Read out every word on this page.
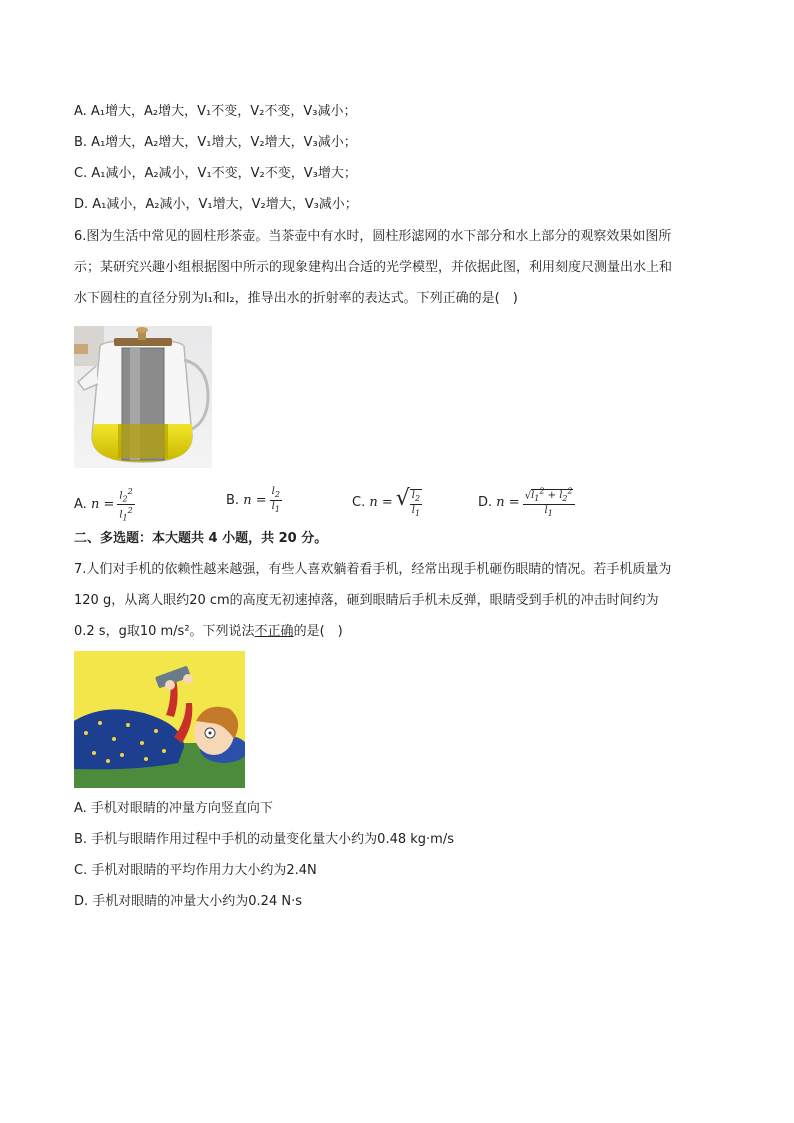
A. A₁增大，A₂增大，V₁不变，V₂不变，V₃减小；
B. A₁增大，A₂增大，V₁增大，V₂增大，V₃减小；
C. A₁减小，A₂减小，V₁不变，V₂不变，V₃增大；
D. A₁减小，A₂减小，V₁增大，V₂增大，V₃减小；
6.图为生活中常见的圆柱形茶壶。当茶壶中有水时，圆柱形滤网的水下部分和水上部分的观察效果如图所
示；某研究兴趣小组根据图中所示的现象建构出合适的光学模型，并依据此图，利用刻度尺测量出水上和
水下圆柱的直径分别为l₁和l₂，推导出水的折射率的表达式。下列正确的是(　)
A.
$n = \frac{l_2^2}{l_1^2}$	B.
$n = \frac{l_2}{l_1}$	C.
n = √ $\frac{l_2}{l_1}$	D.
$n = \frac{√l_1^2 + l_2^2}{l_1}$
二、多选题：本大题共 4 小题，共 20 分。
7.人们对手机的依赖性越来越强，有些人喜欢躺着看手机，经常出现手机砸伤眼睛的情况。若手机质量为
120 g，从离人眼约20 cm的高度无初速掉落，砸到眼睛后手机未反弹，眼睛受到手机的冲击时间约为
0.2 s，g取10 m/s²。下列说法不正确的是(　)
A. 手机对眼睛的冲量方向竖直向下
B. 手机与眼睛作用过程中手机的动量变化量大小约为0.48 kg·m/s
C. 手机对眼睛的平均作用力大小约为2.4N
D. 手机对眼睛的冲量大小约为0.24 N·s
